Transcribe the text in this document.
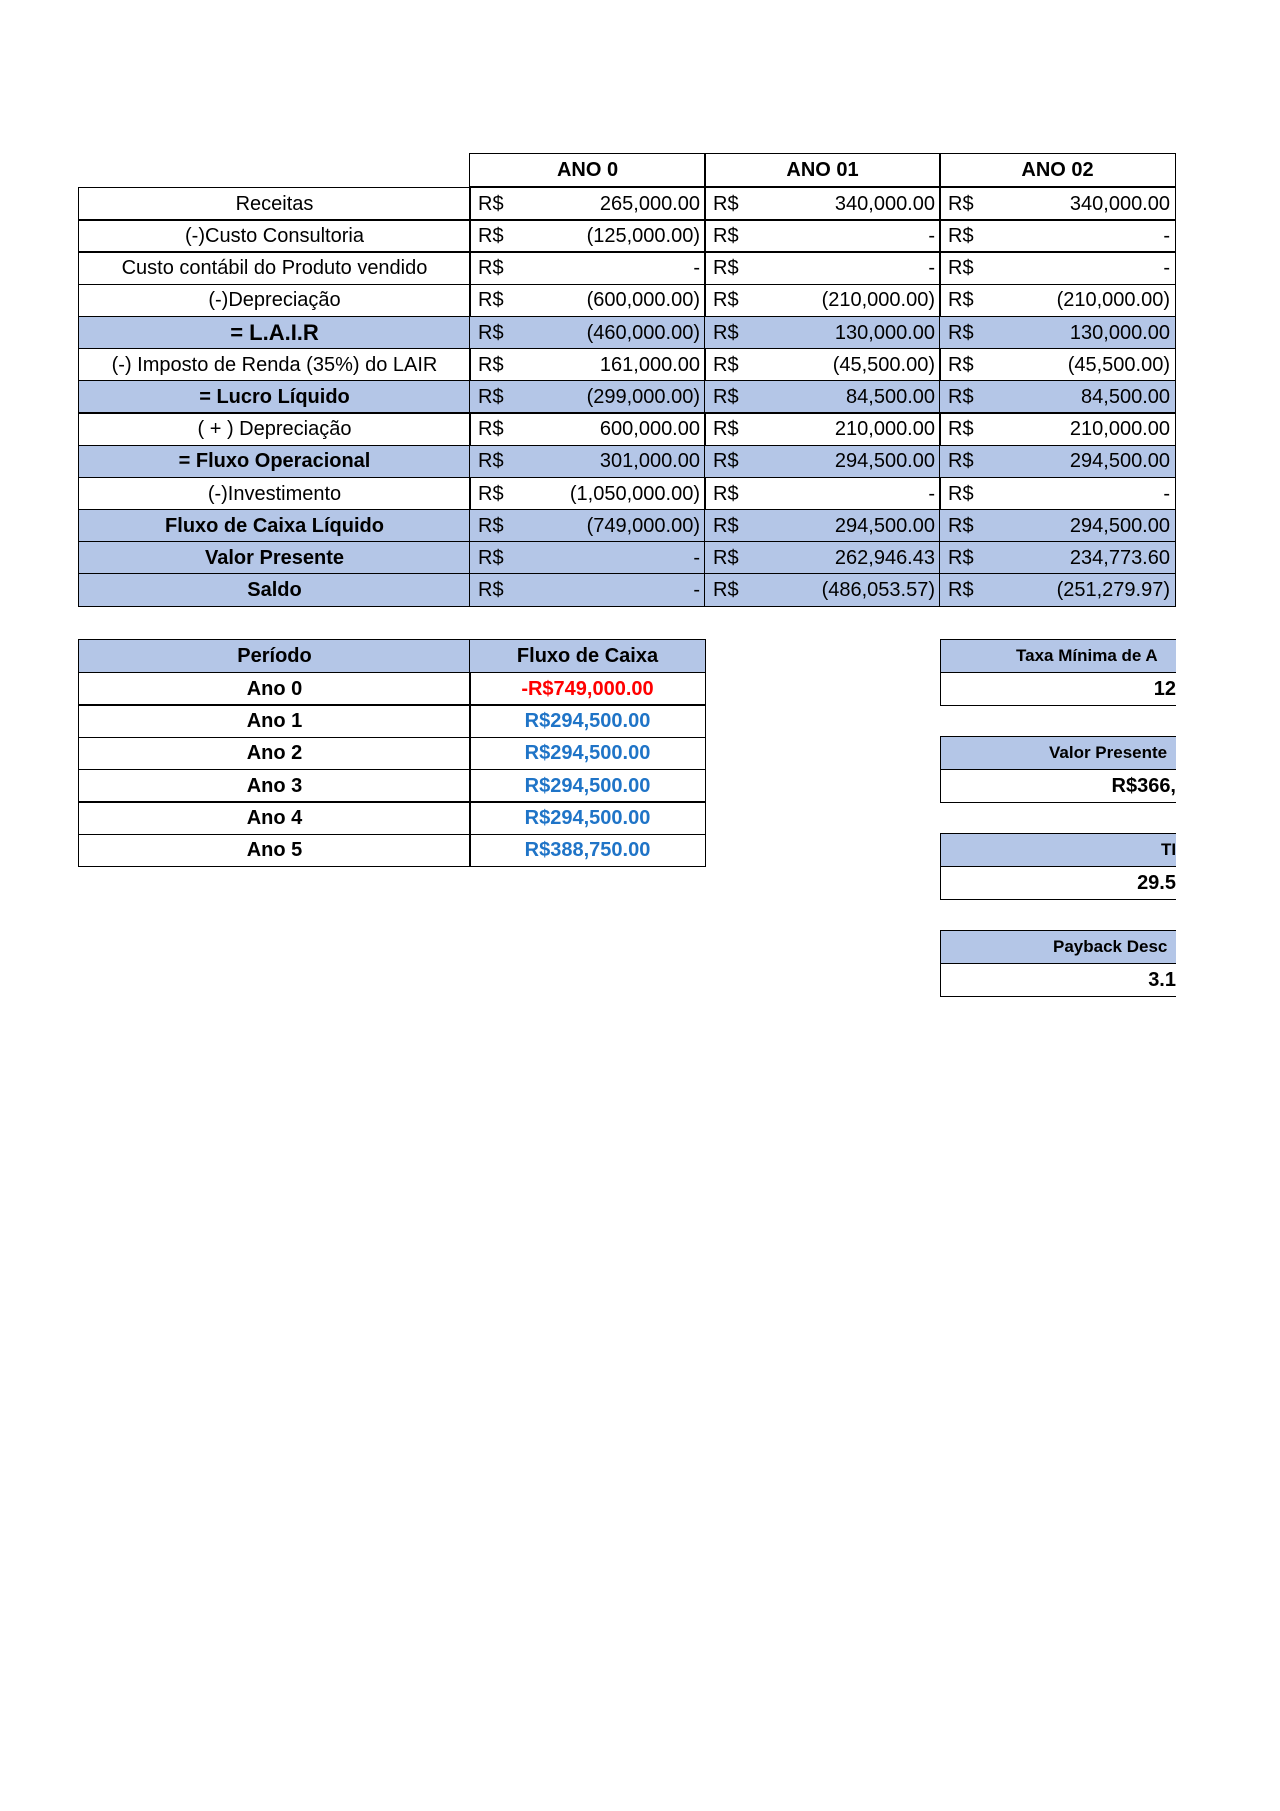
ANO 0	ANO 01	ANO 02
Receitas	R$	265,000.00 R$	340,000.00 R$	340,000.00
(-)Custo Consultoria	R$	(125,000.00) R$	- R$	-
Custo contábil do Produto vendido	R$	- R$	- R$	-
(-)Depreciação	R$	(600,000.00) R$	(210,000.00) R$	(210,000.00)
= L.A.I.R	R$	(460,000.00) R$	130,000.00 R$	130,000.00
(-) Imposto de Renda (35%) do LAIR	R$	161,000.00 R$	(45,500.00) R$	(45,500.00)
= Lucro Líquido	R$	(299,000.00) R$	84,500.00 R$	84,500.00
( + ) Depreciação	R$	600,000.00 R$	210,000.00 R$	210,000.00
= Fluxo Operacional	R$	301,000.00 R$	294,500.00 R$	294,500.00
(-)Investimento	R$	(1,050,000.00) R$	- R$	-
Fluxo de Caixa Líquido	R$	(749,000.00) R$	294,500.00 R$	294,500.00
Valor Presente	R$	- R$	262,946.43 R$	234,773.60
Saldo	R$	- R$	(486,053.57) R$	(251,279.97)
Período	Fluxo de Caixa
Ano 0	-R$749,000.00
Ano 1	R$294,500.00
Ano 2	R$294,500.00
Ano 3	R$294,500.00
Ano 4	R$294,500.00
Ano 5	R$388,750.00
Taxa Mínima de A
12
Valor Presente
R$366,
TI
29.5
Payback Desc
3.1
